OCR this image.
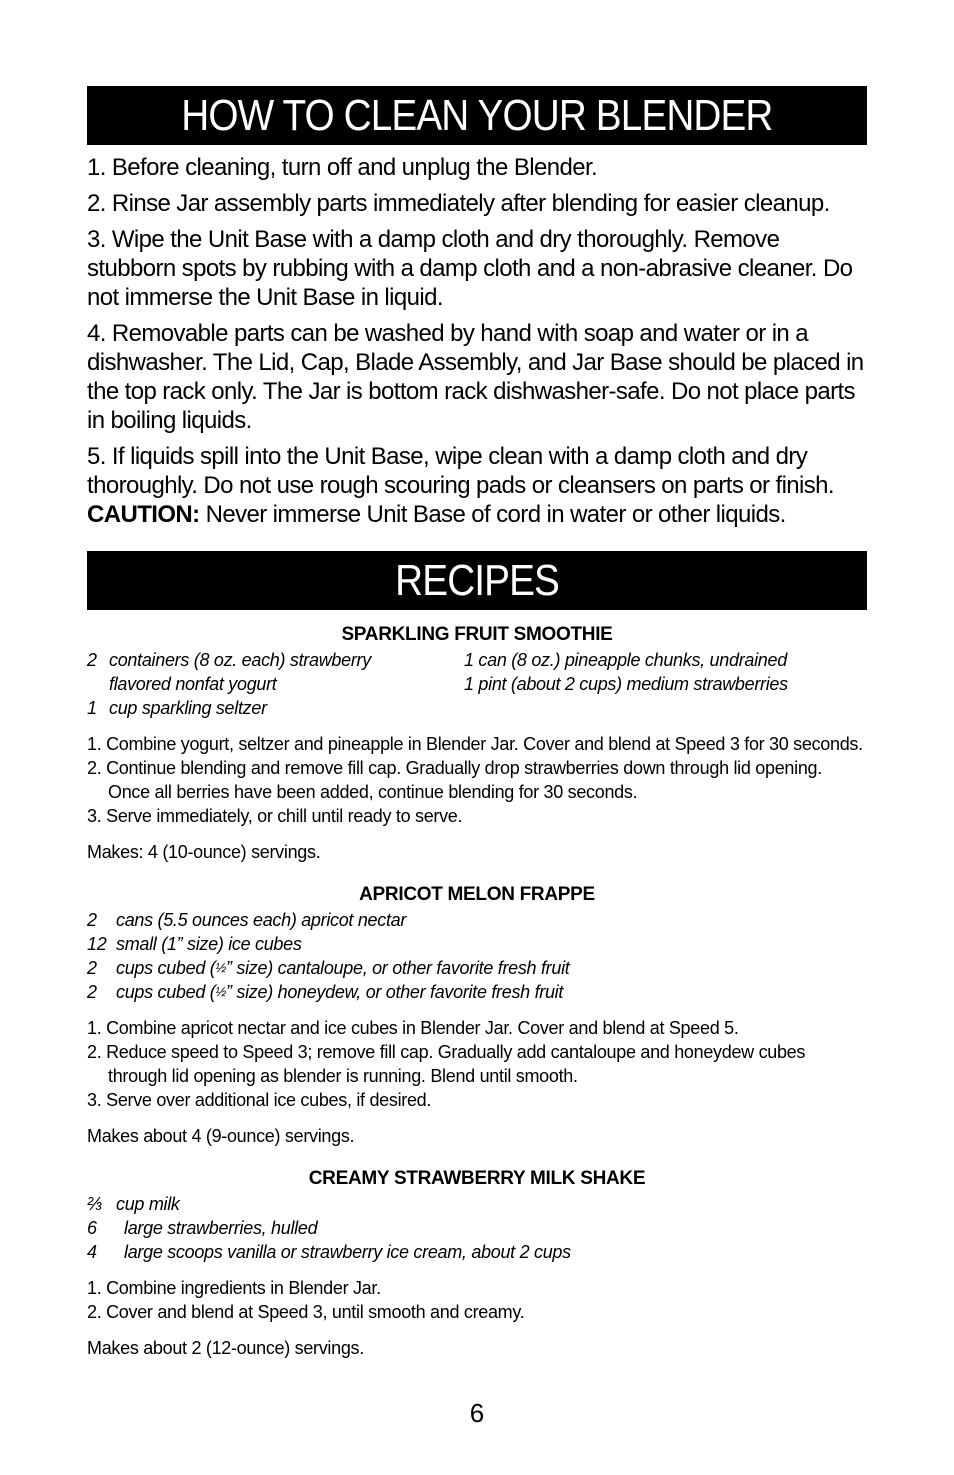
HOW TO CLEAN YOUR BLENDER

1. Before cleaning, turn off and unplug the Blender.

2. Rinse Jar assembly parts immediately after blending for easier cleanup.

3. Wipe the Unit Base with a damp cloth and dry thoroughly. Remove stubborn spots by rubbing with a damp cloth and a non-abrasive cleaner. Do not immerse the Unit Base in liquid.

4. Removable parts can be washed by hand with soap and water or in a dishwasher. The Lid, Cap, Blade Assembly, and Jar Base should be placed in the top rack only. The Jar is bottom rack dishwasher-safe. Do not place parts in boiling liquids.

5. If liquids spill into the Unit Base, wipe clean with a damp cloth and dry thoroughly. Do not use rough scouring pads or cleansers on parts or finish.
CAUTION: Never immerse Unit Base of cord in water or other liquids.

RECIPES
SPARKLING FRUIT SMOOTHIE
2 containers (8 oz. each) strawberry
flavored nonfat yogurt
1 cup sparkling seltzer
1 can (8 oz.) pineapple chunks, undrained
1 pint (about 2 cups) medium strawberries
1. Combine yogurt, seltzer and pineapple in Blender Jar. Cover and blend at Speed 3 for 30 seconds.
2. Continue blending and remove fill cap. Gradually drop strawberries down through lid opening. Once all berries have been added, continue blending for 30 seconds.
3. Serve immediately, or chill until ready to serve.
Makes: 4 (10-ounce) servings.
APRICOT MELON FRAPPE
2 cans (5.5 ounces each) apricot nectar
12 small (1” size) ice cubes
2 cups cubed (½” size) cantaloupe, or other favorite fresh fruit
2 cups cubed (½” size) honeydew, or other favorite fresh fruit
1. Combine apricot nectar and ice cubes in Blender Jar. Cover and blend at Speed 5.
2. Reduce speed to Speed 3; remove fill cap. Gradually add cantaloupe and honeydew cubes through lid opening as blender is running. Blend until smooth.
3. Serve over additional ice cubes, if desired.
Makes about 4 (9-ounce) servings.
CREAMY STRAWBERRY MILK SHAKE
⅔ cup milk
6 large strawberries, hulled
4 large scoops vanilla or strawberry ice cream, about 2 cups
1. Combine ingredients in Blender Jar.
2. Cover and blend at Speed 3, until smooth and creamy.
Makes about 2 (12-ounce) servings.
6
